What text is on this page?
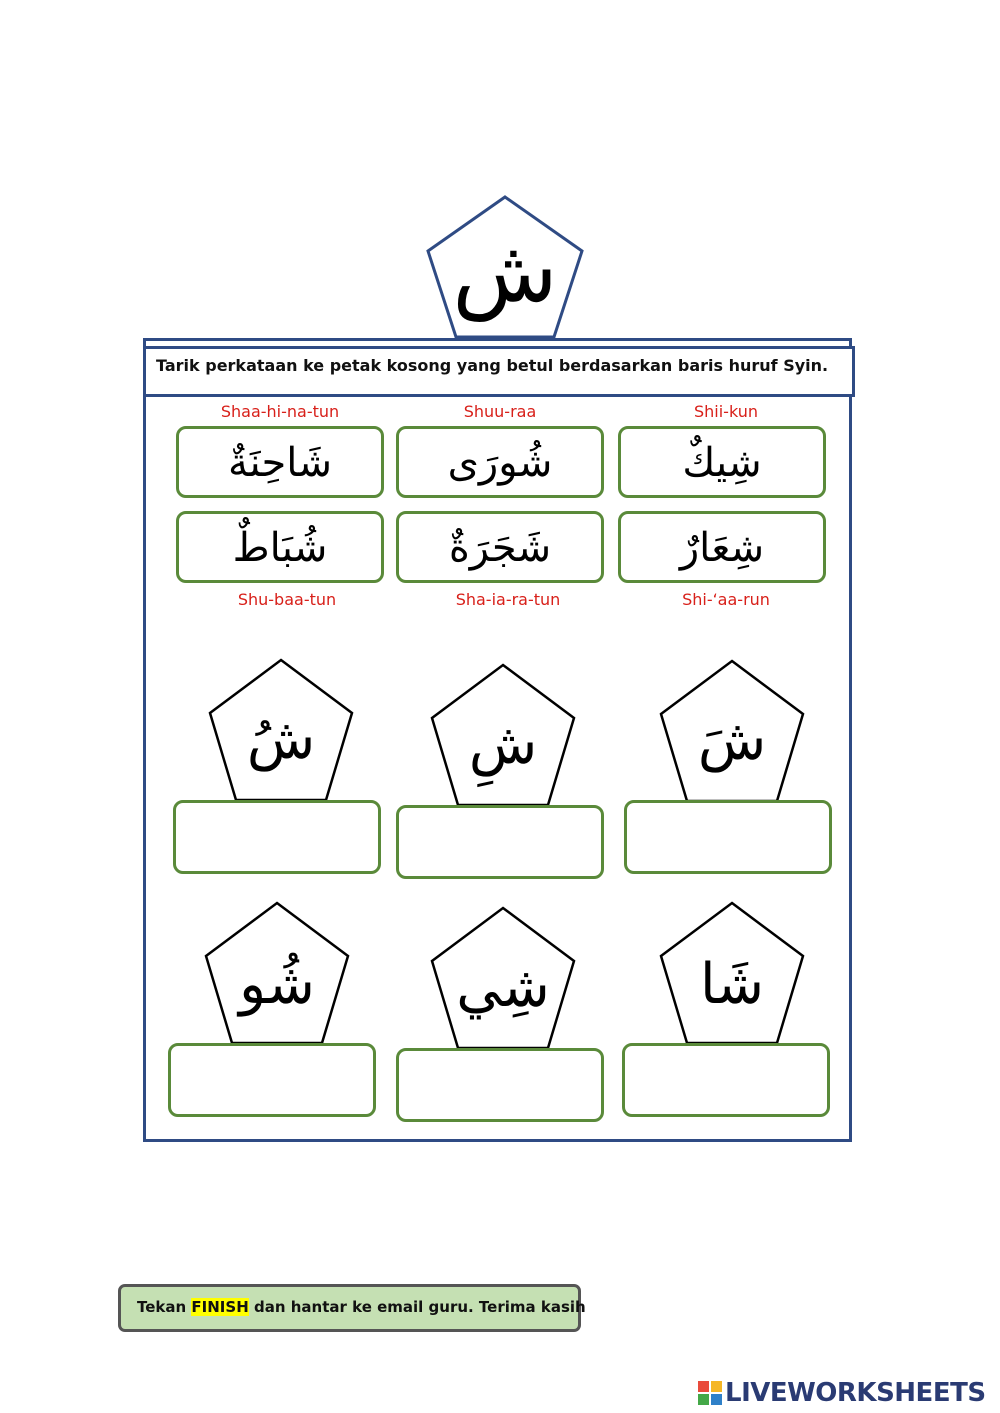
ش
Tarik perkataan ke petak kosong yang betul berdasarkan baris huruf Syin.
Shaa-hi-na-tun
شَاحِنَةٌ
Shuu-raa
شُورَى
Shii-kun
شِيكٌ
شُبَاطٌ
Shu-baa-tun
شَجَرَةٌ
Sha-ia-ra-tun
شِعَارٌ
Shi-‘aa-run
شُ	شِ	شَ
شُو	شِي	شَا
Tekan FINISH dan hantar ke email guru. Terima kasih
LIVEWORKSHEETS
